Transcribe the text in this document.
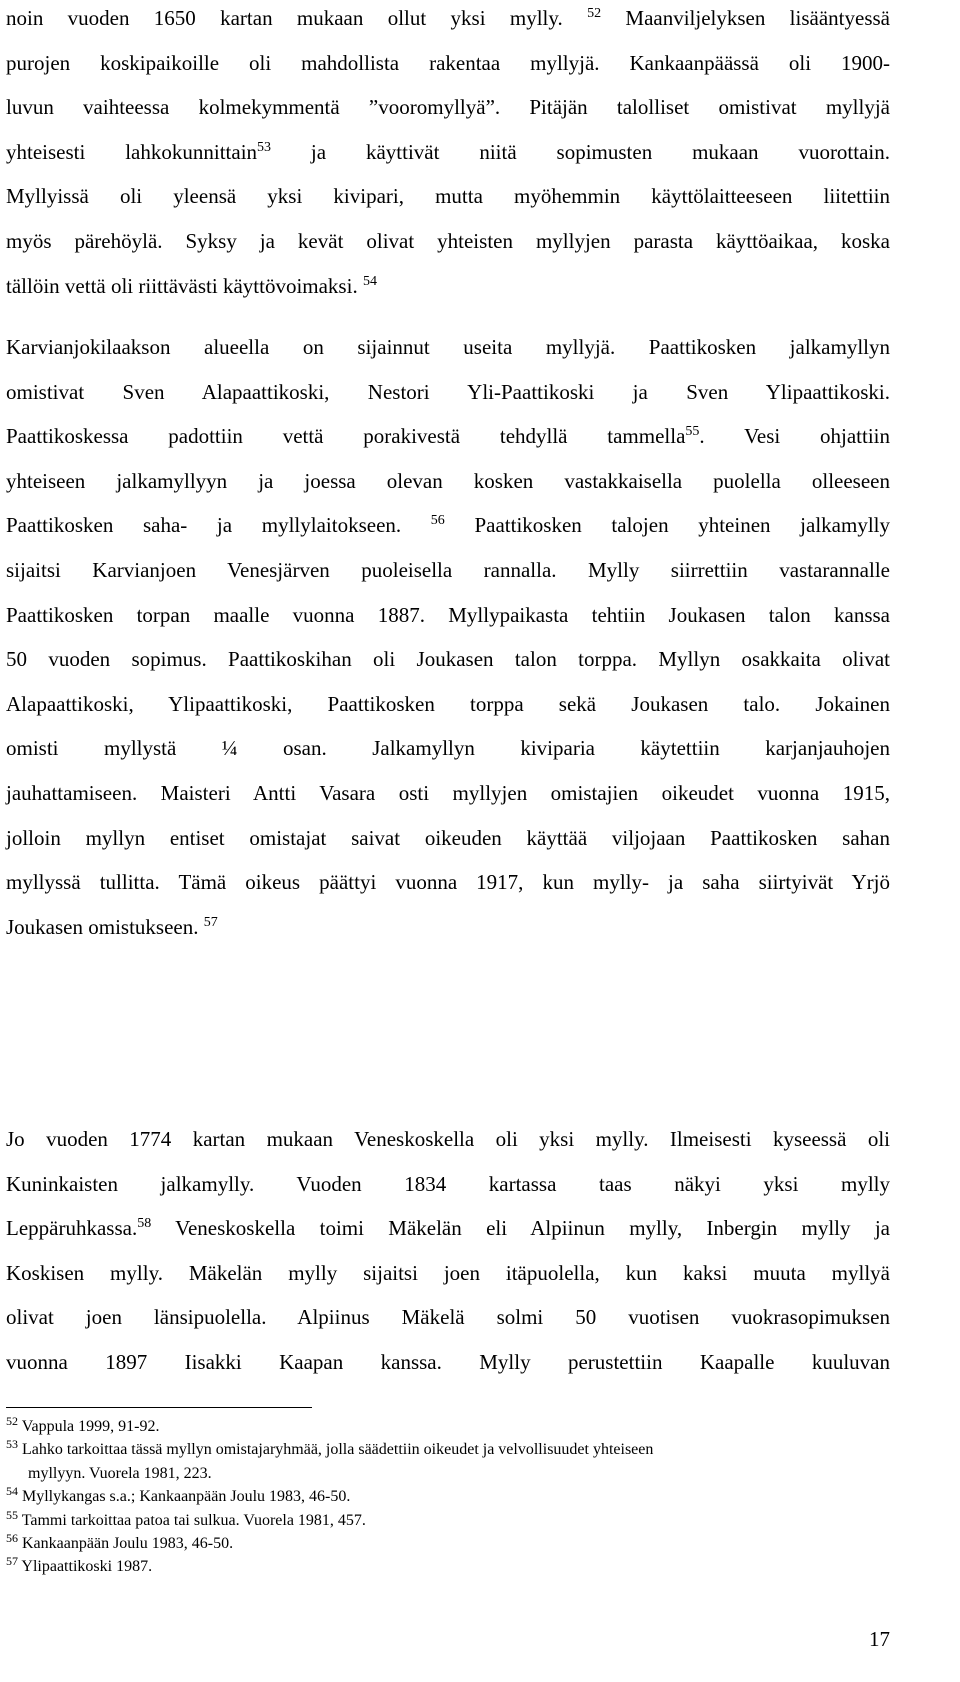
noin vuoden 1650 kartan mukaan ollut yksi mylly. $^{52}$ Maanviljelyksen lisääntyessä
purojen koskipaikoille oli mahdollista rakentaa myllyjä. Kankaanpäässä oli 1900-
luvun vaihteessa kolmekymmentä ”vooromyllyä”. Pitäjän talolliset omistivat myllyjä
yhteisesti lahkokunnittain$^{53}$ ja käyttivät niitä sopimusten mukaan vuorottain.
Myllyissä oli yleensä yksi kivipari, mutta myöhemmin käyttölaitteeseen liitettiin
myös pärehöylä. Syksy ja kevät olivat yhteisten myllyjen parasta käyttöaikaa, koska
tällöin vettä oli riittävästi käyttövoimaksi. $^{54}$
Karvianjokilaakson alueella on sijainnut useita myllyjä. Paattikosken jalkamyllyn
omistivat Sven Alapaattikoski, Nestori Yli-Paattikoski ja Sven Ylipaattikoski.
Paattikoskessa padottiin vettä porakivestä tehdyllä tammella$^{55}$. Vesi ohjattiin
yhteiseen jalkamyllyyn ja joessa olevan kosken vastakkaisella puolella olleeseen
Paattikosken saha- ja myllylaitokseen. $^{56}$ Paattikosken talojen yhteinen jalkamylly
sijaitsi Karvianjoen Venesjärven puoleisella rannalla. Mylly siirrettiin vastarannalle
Paattikosken torpan maalle vuonna 1887. Myllypaikasta tehtiin Joukasen talon kanssa
50 vuoden sopimus. Paattikoskihan oli Joukasen talon torppa. Myllyn osakkaita olivat
Alapaattikoski, Ylipaattikoski, Paattikosken torppa sekä Joukasen talo. Jokainen
omisti myllystä ¼ osan. Jalkamyllyn kiviparia käytettiin karjanjauhojen
jauhattamiseen. Maisteri Antti Vasara osti myllyjen omistajien oikeudet vuonna 1915,
jolloin myllyn entiset omistajat saivat oikeuden käyttää viljojaan Paattikosken sahan
myllyssä tullitta. Tämä oikeus päättyi vuonna 1917, kun mylly- ja saha siirtyivät Yrjö
Joukasen omistukseen. $^{57}$
Jo vuoden 1774 kartan mukaan Veneskoskella oli yksi mylly. Ilmeisesti kyseessä oli
Kuninkaisten jalkamylly. Vuoden 1834 kartassa taas näkyi yksi mylly
Leppäruhkassa.$^{58}$ Veneskoskella toimi Mäkelän eli Alpiinun mylly, Inbergin mylly ja
Koskisen mylly. Mäkelän mylly sijaitsi joen itäpuolella, kun kaksi muuta myllyä
olivat joen länsipuolella. Alpiinus Mäkelä solmi 50 vuotisen vuokrasopimuksen
vuonna 1897 Iisakki Kaapan kanssa. Mylly perustettiin Kaapalle kuuluvan
$^{52}$ Vappula 1999, 91-92.
$^{53}$ Lahko tarkoittaa tässä myllyn omistajaryhmää, jolla säädettiin oikeudet ja velvollisuudet yhteiseen
myllyyn. Vuorela 1981, 223.
$^{54}$ Myllykangas s.a.; Kankaanpään Joulu 1983, 46-50.
$^{55}$ Tammi tarkoittaa patoa tai sulkua. Vuorela 1981, 457.
$^{56}$ Kankaanpään Joulu 1983, 46-50.
$^{57}$ Ylipaattikoski 1987.
17
